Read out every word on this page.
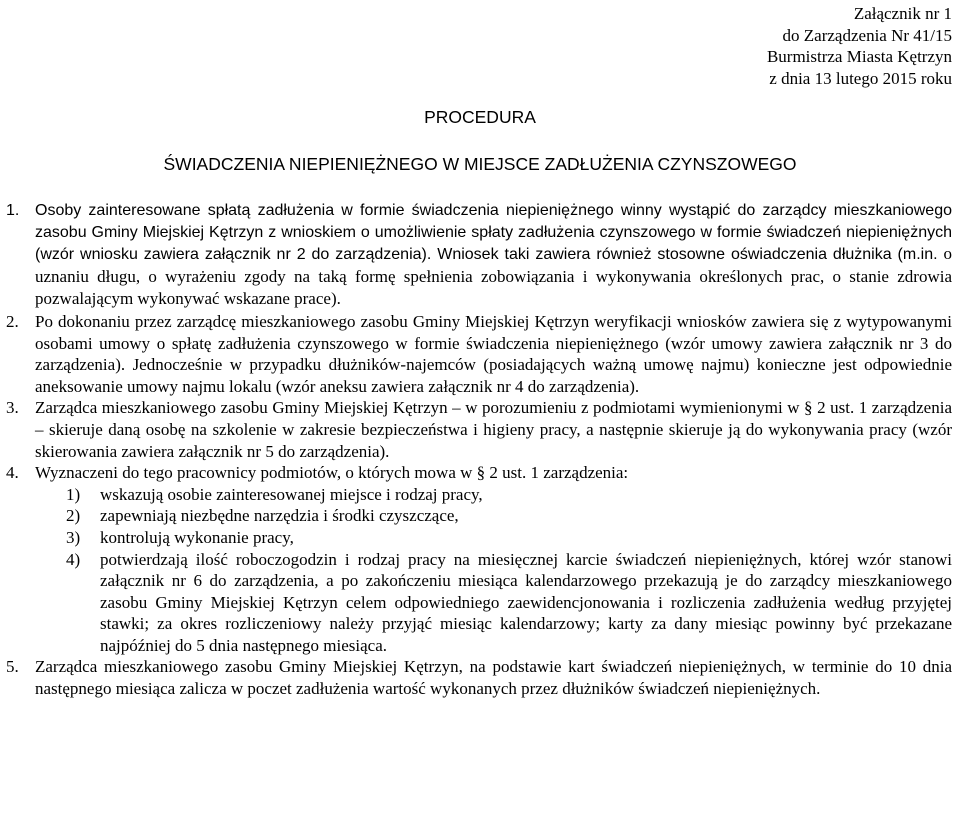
Załącznik nr 1
do Zarządzenia Nr 41/15
Burmistrza Miasta Kętrzyn
z dnia 13 lutego 2015 roku
PROCEDURA
ŚWIADCZENIA NIEPIENIĘŻNEGO W MIEJSCE ZADŁUŻENIA CZYNSZOWEGO
1. Osoby zainteresowane spłatą zadłużenia w formie świadczenia niepieniężnego winny wystąpić do zarządcy mieszkaniowego zasobu Gminy Miejskiej Kętrzyn z wnioskiem o umożliwienie spłaty zadłużenia czynszowego w formie świadczeń niepieniężnych (wzór wniosku zawiera załącznik nr 2 do zarządzenia). Wniosek taki zawiera również stosowne oświadczenia dłużnika (m.in. o uznaniu długu, o wyrażeniu zgody na taką formę spełnienia zobowiązania i wykonywania określonych prac, o stanie zdrowia pozwalającym wykonywać wskazane prace).
2. Po dokonaniu przez zarządcę mieszkaniowego zasobu Gminy Miejskiej Kętrzyn weryfikacji wniosków zawiera się z wytypowanymi osobami umowy o spłatę zadłużenia czynszowego w formie świadczenia niepieniężnego (wzór umowy zawiera załącznik nr 3 do zarządzenia). Jednocześnie w przypadku dłużników-najemców (posiadających ważną umowę najmu) konieczne jest odpowiednie aneksowanie umowy najmu lokalu (wzór aneksu zawiera załącznik nr 4 do zarządzenia).
3. Zarządca mieszkaniowego zasobu Gminy Miejskiej Kętrzyn – w porozumieniu z podmiotami wymienionymi w § 2 ust. 1 zarządzenia – skieruje daną osobę na szkolenie w zakresie bezpieczeństwa i higieny pracy, a następnie skieruje ją do wykonywania pracy (wzór skierowania zawiera załącznik nr 5 do zarządzenia).
4. Wyznaczeni do tego pracownicy podmiotów, o których mowa w § 2 ust. 1 zarządzenia:
1) wskazują osobie zainteresowanej miejsce i rodzaj pracy,
2) zapewniają niezbędne narzędzia i środki czyszczące,
3) kontrolują wykonanie pracy,
4) potwierdzają ilość roboczogodzin i rodzaj pracy na miesięcznej karcie świadczeń niepieniężnych, której wzór stanowi załącznik nr 6 do zarządzenia, a po zakończeniu miesiąca kalendarzowego przekazują je do zarządcy mieszkaniowego zasobu Gminy Miejskiej Kętrzyn celem odpowiedniego zaewidencjonowania i rozliczenia zadłużenia według przyjętej stawki; za okres rozliczeniowy należy przyjąć miesiąc kalendarzowy; karty za dany miesiąc powinny być przekazane najpóźniej do 5 dnia następnego miesiąca.
5. Zarządca mieszkaniowego zasobu Gminy Miejskiej Kętrzyn, na podstawie kart świadczeń niepieniężnych, w terminie do 10 dnia następnego miesiąca zalicza w poczet zadłużenia wartość wykonanych przez dłużników świadczeń niepieniężnych.
